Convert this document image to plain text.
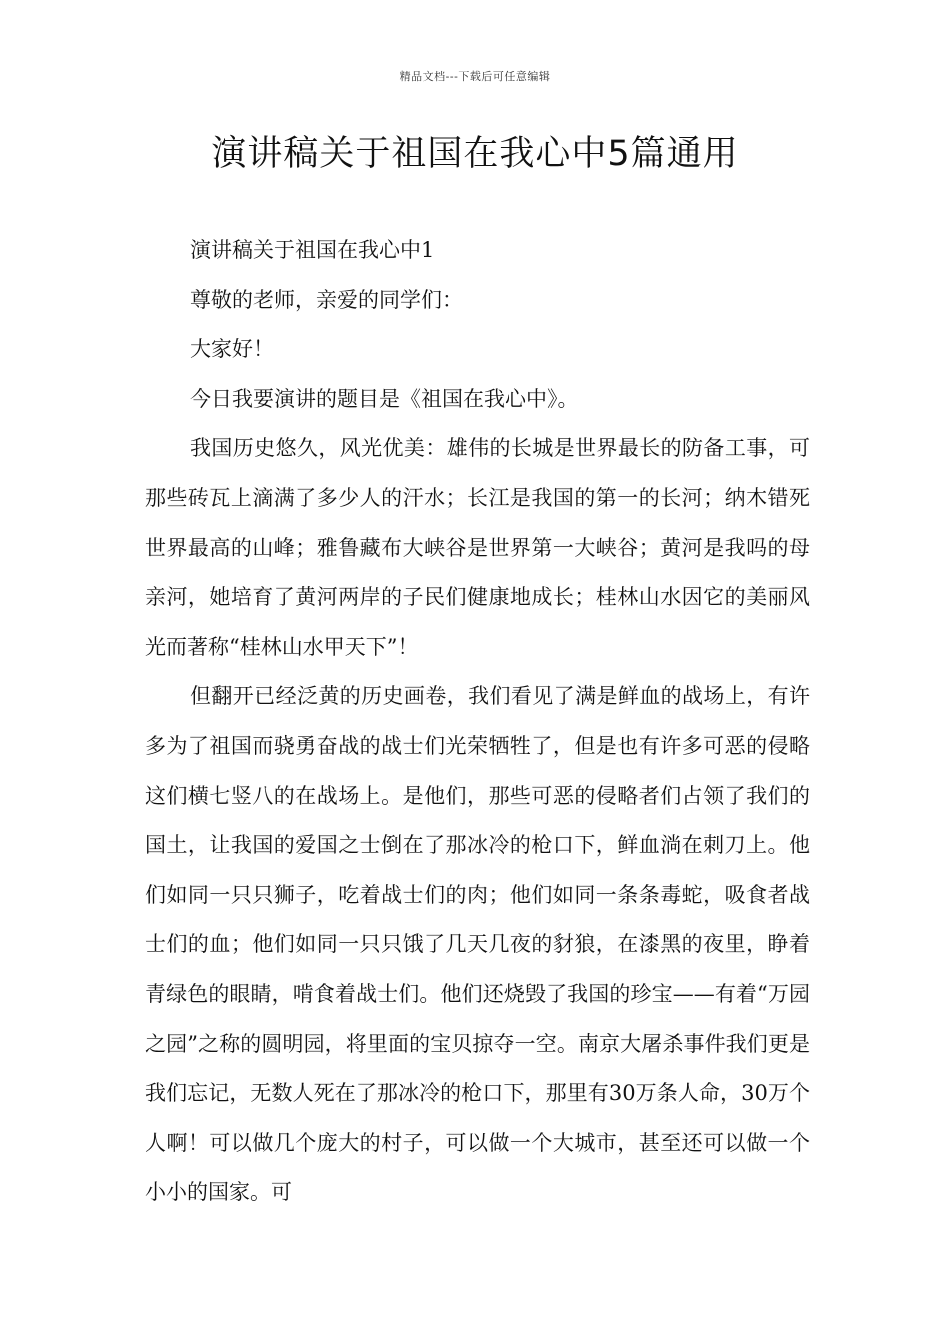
精品文档---下载后可任意编辑
演讲稿关于祖国在我心中5篇通用

演讲稿关于祖国在我心中1

尊敬的老师，亲爱的同学们：

大家好！

今日我要演讲的题目是《祖国在我心中》。

我国历史悠久，风光优美：雄伟的长城是世界最长的防备工事，可那些砖瓦上滴满了多少人的汗水；长江是我国的第一的长河；纳木错死世界最高的山峰；雅鲁藏布大峡谷是世界第一大峡谷；黄河是我吗的母亲河，她培育了黄河两岸的子民们健康地成长；桂林山水因它的美丽风光而著称“桂林山水甲天下”！

但翻开已经泛黄的历史画卷，我们看见了满是鲜血的战场上，有许多为了祖国而骁勇奋战的战士们光荣牺牲了，但是也有许多可恶的侵略这们横七竖八的在战场上。是他们，那些可恶的侵略者们占领了我们的国土，让我国的爱国之士倒在了那冰冷的枪口下，鲜血淌在刺刀上。他们如同一只只狮子，吃着战士们的肉；他们如同一条条毒蛇，吸食者战士们的血；他们如同一只只饿了几天几夜的豺狼，在漆黑的夜里，睁着青绿色的眼睛，啃食着战士们。他们还烧毁了我国的珍宝——有着“万园之园”之称的圆明园，将里面的宝贝掠夺一空。南京大屠杀事件我们更是我们忘记，无数人死在了那冰冷的枪口下，那里有30万条人命，30万个人啊！可以做几个庞大的村子，可以做一个大城市，甚至还可以做一个小小的国家。可
